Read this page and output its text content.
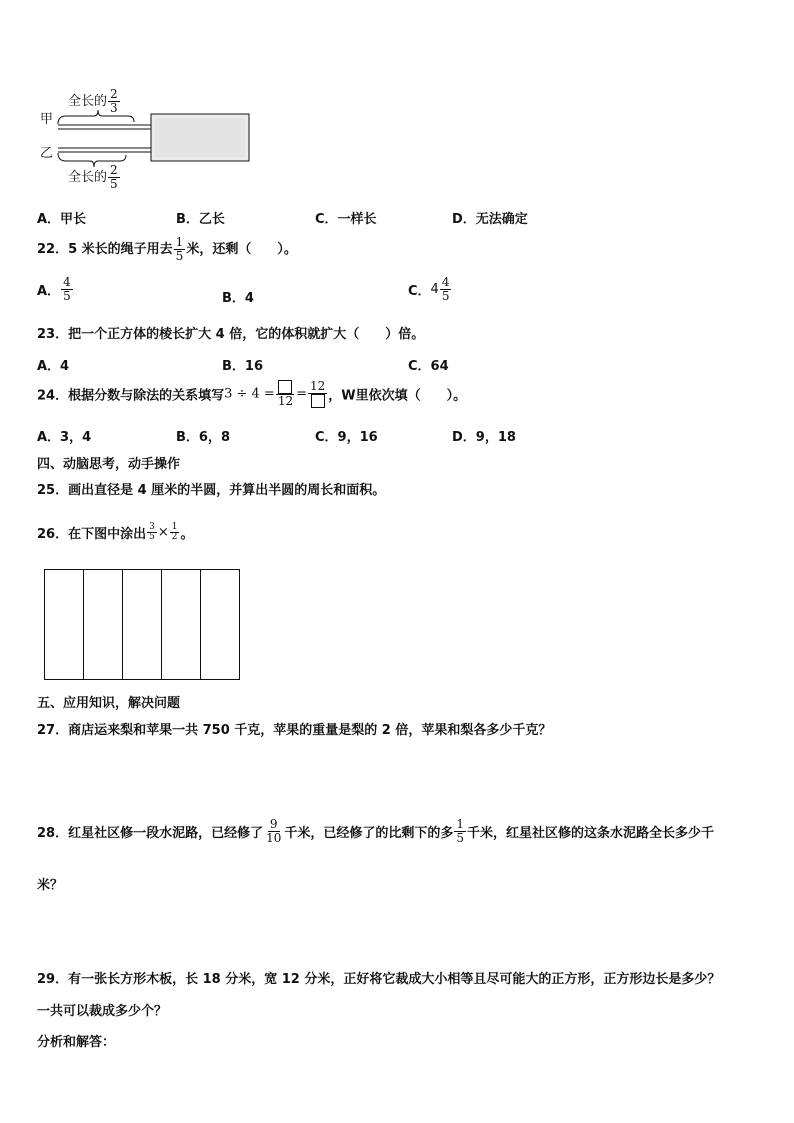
全长的 $\frac{2}{3}$
甲
乙
全长的 $\frac{2}{5}$
A．甲长	B．乙长	C．一样长	D．无法确定
22．5 米长的绳子用去 $\frac{1}{5}$ 米，还剩（　　）。
A． $\frac{4}{5}$	B．4	C．$4 \frac{4}{5}$
23．把一个正方体的棱长扩大 4 倍，它的体积就扩大（　　）倍。
A．4	B．16	C．64
24．根据分数与除法的关系填写3 ÷ 4 = 12 =
12
，W里依次填（　　）。
A．3，4	B．6，8	C．9，16	D．9，18
四、动脑思考，动手操作
25．画出直径是 4 厘米的半圆，并算出半圆的周长和面积。
26．在下图中涂出 $\frac{3}{5} \times \frac{1}{2}$ 。
五、应用知识，解决问题
27．商店运来梨和苹果一共 750 千克，苹果的重量是梨的 2 倍，苹果和梨各多少千克？
28．红星社区修一段水泥路，已经修了 $\frac{9}{10}$ 千米，已经修了的比剩下的多 $\frac{1}{5}$ 千米，红星社区修的这条水泥路全长多少千
米？
29．有一张长方形木板，长 18 分米，宽 12 分米，正好将它裁成大小相等且尽可能大的正方形，正方形边长是多少？
一共可以裁成多少个？
分析和解答：
